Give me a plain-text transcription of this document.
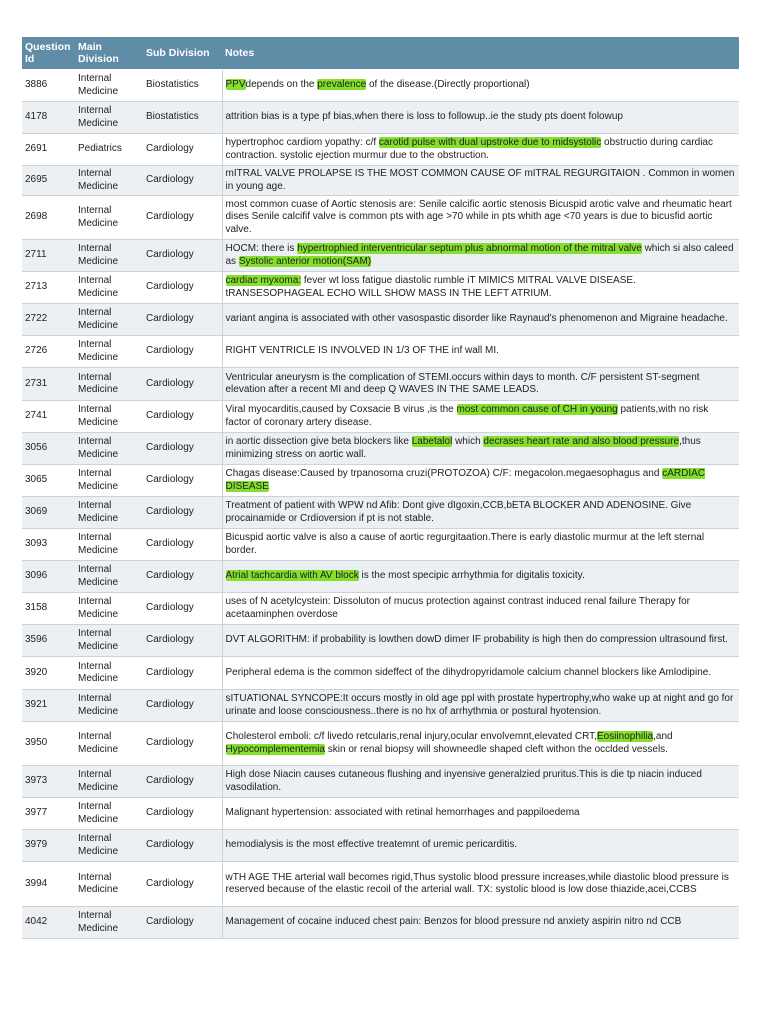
Question Id	Main Division	Sub Division	Notes
3886	Internal Medicine	Biostatistics	PPVdepends on the prevalence of the disease.(Directly proportional)
4178	Internal Medicine	Biostatistics	attrition bias is a type pf bias,when there is loss to followup..ie the study pts doent folowup
2691	Pediatrics	Cardiology	hypertrophoc cardiom yopathy: c/f carotid pulse with dual upstroke due to midsystolic obstructio during cardiac contraction. systolic ejection murmur due to the obstruction.
2695	Internal Medicine	Cardiology	mITRAL VALVE PROLAPSE IS THE MOST COMMON CAUSE OF mITRAL REGURGITAION . Common in women in young age.
2698	Internal Medicine	Cardiology	most common cuase of Aortic stenosis are: Senile calcific aortic stenosis Bicuspid arotic valve and rheumatic heart dises Senile calcifif valve is common pts with age >70 while in pts whith age <70 years is due to bicusfid aortic valve.
2711	Internal Medicine	Cardiology	HOCM: there is hypertrophied interventricular septum plus abnormal motion of the mitral valve which si also caleed as Systolic anterior motion(SAM)
2713	Internal Medicine	Cardiology	cardiac myxoma: fever wt loss fatigue diastolic rumble iT MIMICS MITRAL VALVE DISEASE. tRANSESOPHAGEAL ECHO WILL SHOW MASS IN THE LEFT ATRIUM.
2722	Internal Medicine	Cardiology	variant angina is associated with other vasospastic disorder like Raynaud's phenomenon and Migraine headache.
2726	Internal Medicine	Cardiology	RIGHT VENTRICLE IS INVOLVED IN 1/3 OF THE inf wall MI.
2731	Internal Medicine	Cardiology	Ventricular aneurysm is the complication of STEMI.occurs within days to month. C/F persistent ST-segment elevation after a recent MI and deep Q WAVES IN THE SAME LEADS.
2741	Internal Medicine	Cardiology	Viral myocarditis,caused by Coxsacie B virus ,is the most common cause of CH in young patients,with no risk factor of coronary artery disease.
3056	Internal Medicine	Cardiology	in aortic dissection give beta blockers like Labetalol which decrases heart rate and also blood pressure,thus minimizing stress on aortic wall.
3065	Internal Medicine	Cardiology	Chagas disease:Caused by trpanosoma cruzi(PROTOZOA) C/F: megacolon.megaesophagus and cARDIAC DISEASE
3069	Internal Medicine	Cardiology	Treatment of patient with WPW nd Afib: Dont give dIgoxin,CCB,bETA BLOCKER AND ADENOSINE. Give procainamide or Crdioversion if pt is not stable.
3093	Internal Medicine	Cardiology	Bicuspid aortic valve is also a cause of aortic regurgitaation.There is early diastolic murmur at the left sternal border.
3096	Internal Medicine	Cardiology	Atrial tachcardia with AV block is the most specipic arrhythmia for digitalis toxicity.
3158	Internal Medicine	Cardiology	uses of N acetylcystein: Dissoluton of mucus protection against contrast induced renal failure Therapy for acetaaminphen overdose
3596	Internal Medicine	Cardiology	DVT ALGORITHM: if probability is lowthen dowD dimer IF probability is high then do compression ultrasound first.
3920	Internal Medicine	Cardiology	Peripheral edema is the common sideffect of the dihydropyridamole calcium channel blockers like Amlodipine.
3921	Internal Medicine	Cardiology	sITUATIONAL SYNCOPE:It occurs mostly in old age ppl with prostate hypertrophy,who wake up at night and go for urinate and loose consciousness..there is no hx of arrhythmia or postural hyotension.
3950	Internal Medicine	Cardiology	Cholesterol emboli: c/f livedo retcularis,renal injury,ocular envolvemnt,elevated CRT,Eosiinophilia,and Hypocomplementemia skin or renal biopsy will showneedle shaped cleft withon the occlded vessels.
3973	Internal Medicine	Cardiology	High dose Niacin causes cutaneous flushing and inyensive generalzied pruritus.This is die tp niacin induced vasodilation.
3977	Internal Medicine	Cardiology	Malignant hypertension: associated with retinal hemorrhages and pappiloedema
3979	Internal Medicine	Cardiology	hemodialysis is the most effective treatemnt of uremic pericarditis.
3994	Internal Medicine	Cardiology	wTH AGE THE arterial wall becomes rigid,Thus systolic blood pressure increases,while diastolic blood pressure is reserved because of the elastic recoil of the arterial wall. TX: systolic blood is low dose thiazide,acei,CCBS
4042	Internal Medicine	Cardiology	Management of cocaine induced chest pain: Benzos for blood pressure nd anxiety aspirin nitro nd CCB
